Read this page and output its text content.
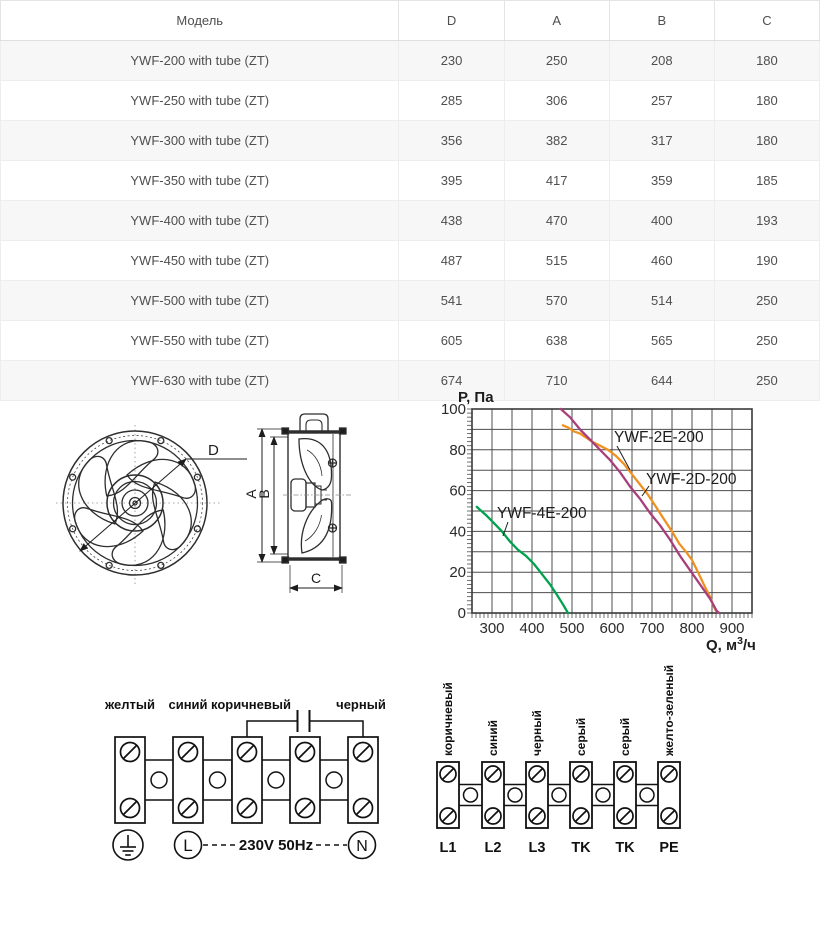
Модель	D	A	B	C
YWF-200 with tube (ZT)	230	250	208	180
YWF-250 with tube (ZT)	285	306	257	180
YWF-300 with tube (ZT)	356	382	317	180
YWF-350 with tube (ZT)	395	417	359	185
YWF-400 with tube (ZT)	438	470	400	193
YWF-450 with tube (ZT)	487	515	460	190
YWF-500 with tube (ZT)	541	570	514	250
YWF-550 with tube (ZT)	605	638	565	250
YWF-630 with tube (ZT)	674	710	644	250
D
A
B
C
300 400 500 600 700 800 900
0
20
40
60
80
100
YWF-2E-200
YWF-2D-200
YWF-4E-200
P, Па
Q, $м^3/ч$
желтый синий коричневый	черный
L	N
230V 50Hz
коричневый	синий	черный	серый	серый	желто-зеленый
L1 L2 L3 TK TK PE
